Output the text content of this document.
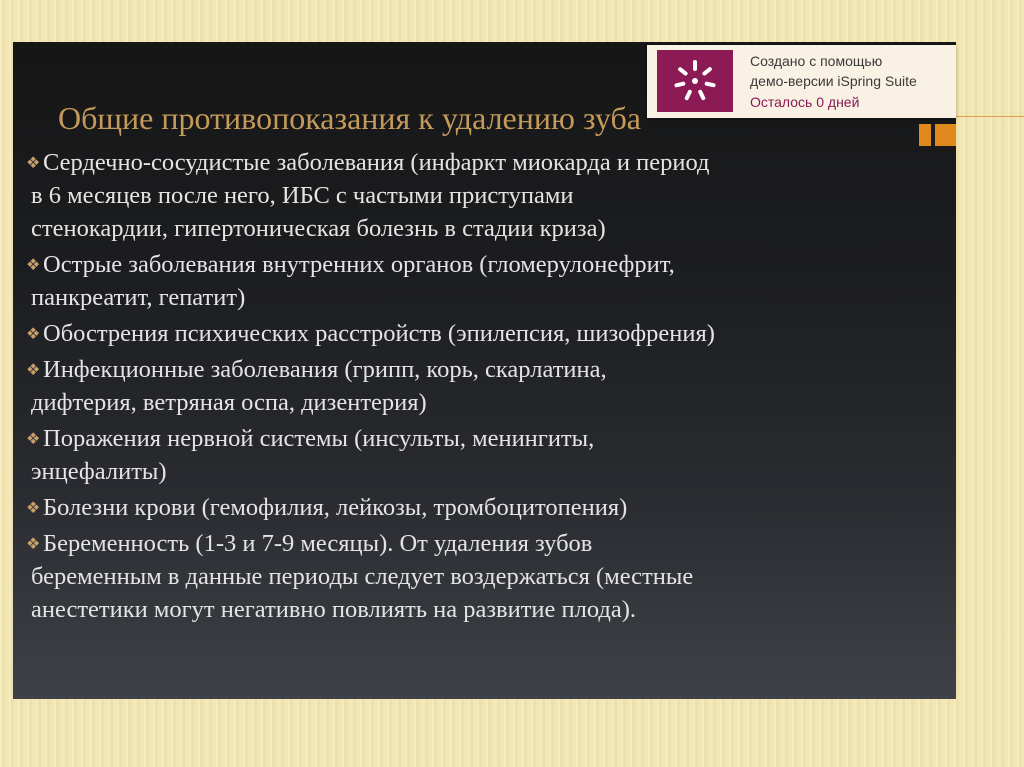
Общие противопоказания к удалению зуба
❖ Сердечно-сосудистые заболевания (инфаркт миокарда и период
в 6 месяцев после него, ИБС с частыми приступами
стенокардии, гипертоническая болезнь в стадии криза)
❖ Острые заболевания внутренних органов (гломерулонефрит,
панкреатит, гепатит)
❖ Обострения психических расстройств (эпилепсия, шизофрения)
❖ Инфекционные заболевания (грипп, корь, скарлатина,
дифтерия, ветряная оспа, дизентерия)
❖ Поражения нервной системы (инсульты, менингиты,
энцефалиты)
❖ Болезни крови (гемофилия, лейкозы, тромбоцитопения)
❖ Беременность (1-3 и 7-9 месяцы). От удаления зубов
беременным в данные периоды следует воздержаться (местные
анестетики могут негативно повлиять на развитие плода).
Создано с помощью
демо-версии iSpring Suite
Осталось 0 дней
